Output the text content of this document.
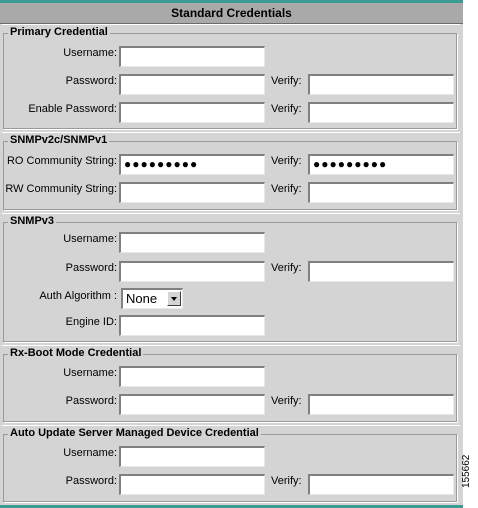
Standard Credentials
Primary Credential
Username:
Password:	Verify:
Enable Password:	Verify:
SNMPv2c/SNMPv1
RO Community String: ●●●●●●●●●	Verify: ●●●●●●●●●
RW Community String:	Verify:
SNMPv3
Username:
Password:	Verify:
Auth Algorithm : None
Engine ID:
Rx-Boot Mode Credential
Username:
Password:	Verify:
Auto Update Server Managed Device Credential
Username:
Password:	Verify:	155662
